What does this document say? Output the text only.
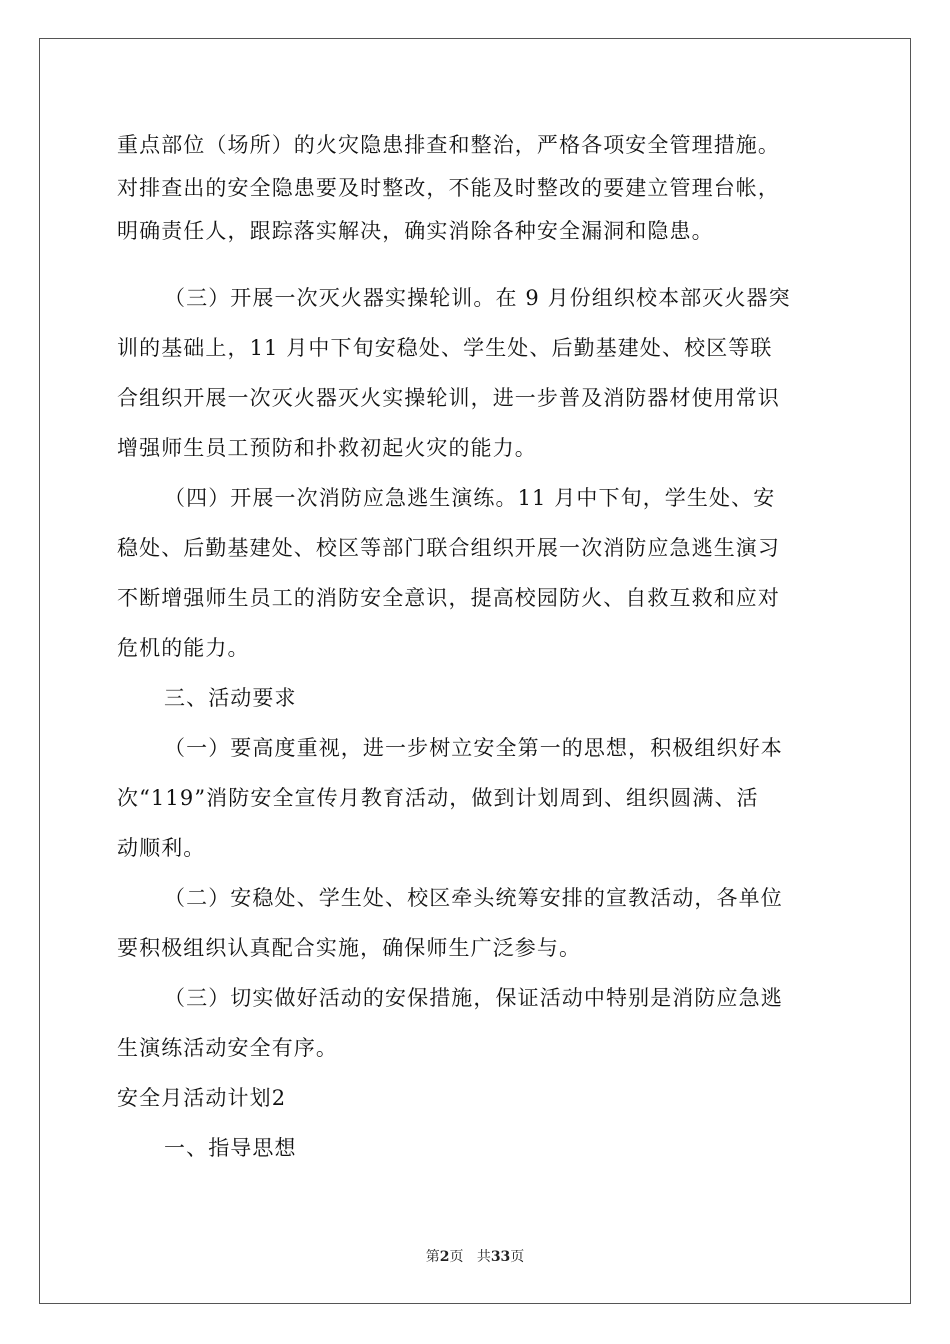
重点部位（场所）的火灾隐患排查和整治，严格各项安全管理措施。
对排查出的安全隐患要及时整改，不能及时整改的要建立管理台帐，
明确责任人，跟踪落实解决，确实消除各种安全漏洞和隐患。
（三）开展一次灭火器实操轮训。在 9 月份组织校本部灭火器突
训的基础上，11 月中下旬安稳处、学生处、后勤基建处、校区等联
合组织开展一次灭火器灭火实操轮训，进一步普及消防器材使用常识
增强师生员工预防和扑救初起火灾的能力。
（四）开展一次消防应急逃生演练。11 月中下旬，学生处、安
稳处、后勤基建处、校区等部门联合组织开展一次消防应急逃生演习
不断增强师生员工的消防安全意识，提高校园防火、自救互救和应对
危机的能力。
三、活动要求
（一）要高度重视，进一步树立安全第一的思想，积极组织好本
次“119”消防安全宣传月教育活动，做到计划周到、组织圆满、活
动顺利。
（二）安稳处、学生处、校区牵头统筹安排的宣教活动，各单位
要积极组织认真配合实施，确保师生广泛参与。
（三）切实做好活动的安保措施，保证活动中特别是消防应急逃
生演练活动安全有序。
安全月活动计划2
一、指导思想
第2页 共33页
